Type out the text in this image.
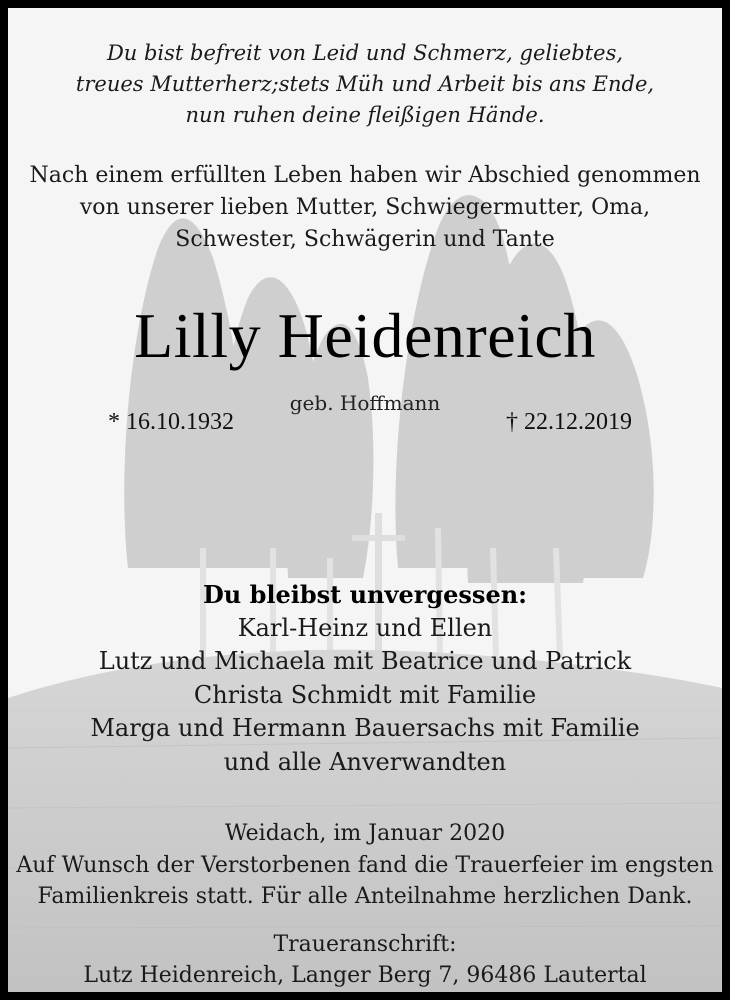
Du bist befreit von Leid und Schmerz, geliebtes,
treues Mutterherz;stets Müh und Arbeit bis ans Ende,
nun ruhen deine fleißigen Hände.
Nach einem erfüllten Leben haben wir Abschied genommen
von unserer lieben Mutter, Schwiegermutter, Oma,
Schwester, Schwägerin und Tante
Lilly Heidenreich
geb. Hoffmann
* 16.10.1932	† 22.12.2019
Du bleibst unvergessen:
Karl-Heinz und Ellen
Lutz und Michaela mit Beatrice und Patrick
Christa Schmidt mit Familie
Marga und Hermann Bauersachs mit Familie
und alle Anverwandten
Weidach, im Januar 2020
Auf Wunsch der Verstorbenen fand die Trauerfeier im engsten
Familienkreis statt. Für alle Anteilnahme herzlichen Dank.
Traueranschrift:
Lutz Heidenreich, Langer Berg 7, 96486 Lautertal
